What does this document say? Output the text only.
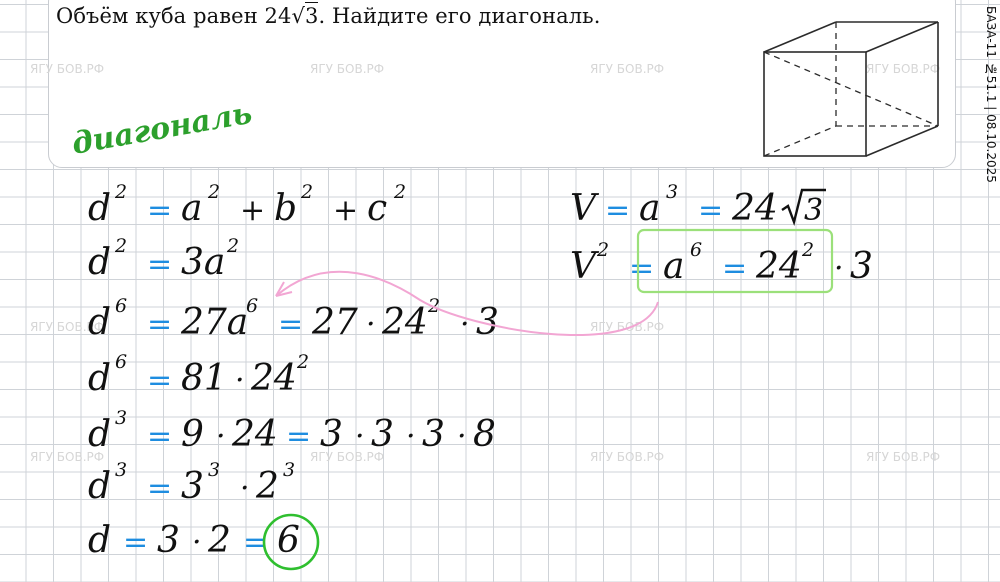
Объём куба равен 24√3. Найдите его диагональ.	БАЗА-11 №51.1 | 08.10.2025
ЯГУ БОВ.РФ	ЯГУ БОВ.РФ	ЯГУ БОВ.РФ	ЯГУ БОВ.РФ
ЯГУ БОВ.РФ	ЯГУ БОВ.РФ
ЯГУ БОВ.РФ	ЯГУ БОВ.РФ	ЯГУ БОВ.РФ	ЯГУ БОВ.РФ
d 2
= a 2
+ b 2
+ c 2
d 2
= 3a 2
d 6
= 27a
6
= 27 · 24 2
· 3
d 6
= 81 · 24 2
d 3
= 9 · 24 = 3 · 3 · 3 · 8
d 3
= 3 3
· 2 3
d = 3 · 2 = 6
V = a 3
= 24 3
V 2
= a 6
= 24 2
· 3
диагональ
